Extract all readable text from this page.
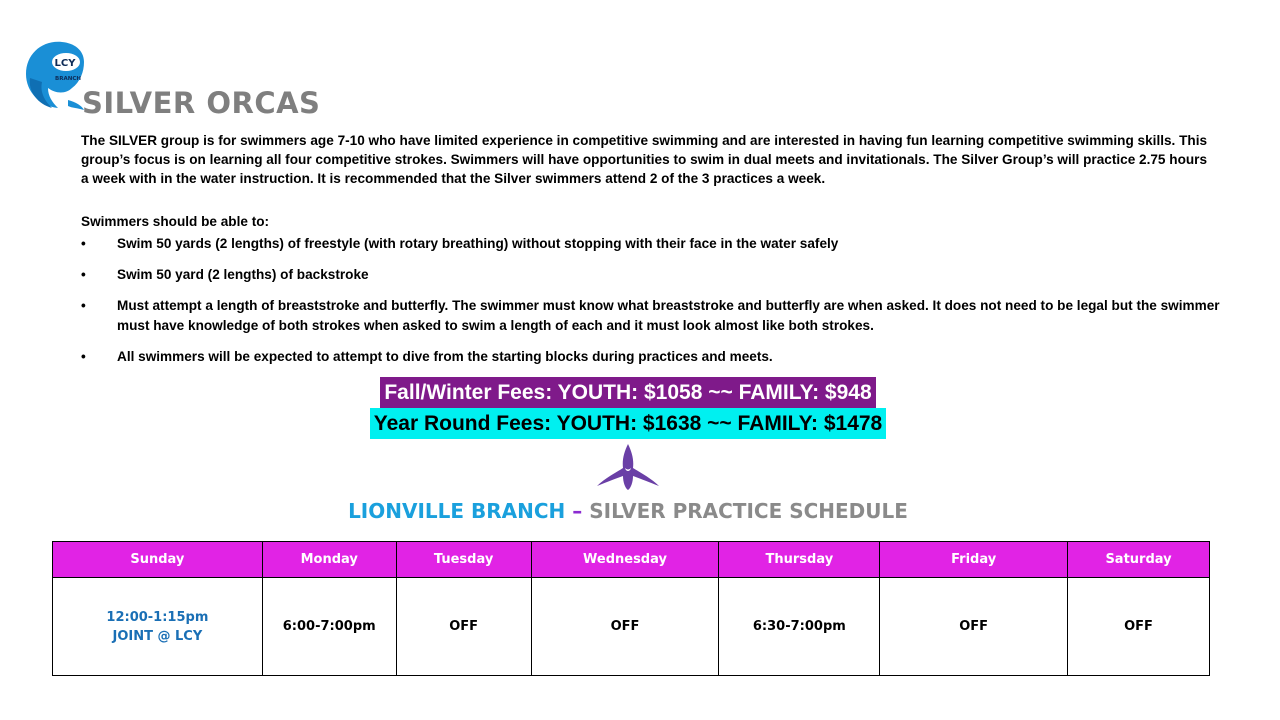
LCY
BRANCH
SILVER ORCAS

The SILVER group is for swimmers age 7-10 who have limited experience in competitive swimming and are interested in having fun learning competitive swimming skills. This group’s focus is on learning all four competitive strokes. Swimmers will have opportunities to swim in dual meets and invitationals. The Silver Group’s will practice 2.75 hours a week with in the water instruction. It is recommended that the Silver swimmers attend 2 of the 3 practices a week.

Swimmers should be able to:

• Swim 50 yards (2 lengths) of freestyle (with rotary breathing) without stopping with their face in the water safely
• Swim 50 yard (2 lengths) of backstroke
• Must attempt a length of breaststroke and butterfly. The swimmer must know what breaststroke and butterfly are when asked. It does not need to be legal but the swimmer must have knowledge of both strokes when asked to swim a length of each and it must look almost like both strokes.
• All swimmers will be expected to attempt to dive from the starting blocks during practices and meets.
Fall/Winter Fees: YOUTH: $1058 ~~ FAMILY: $948
Year Round Fees: YOUTH: $1638 ~~ FAMILY: $1478
LIONVILLE BRANCH – SILVER PRACTICE SCHEDULE
Sunday	Monday	Tuesday	Wednesday	Thursday	Friday	Saturday
12:00-1:15pm
JOINT @ LCY	6:00-7:00pm	OFF	OFF	6:30-7:00pm	OFF	OFF
